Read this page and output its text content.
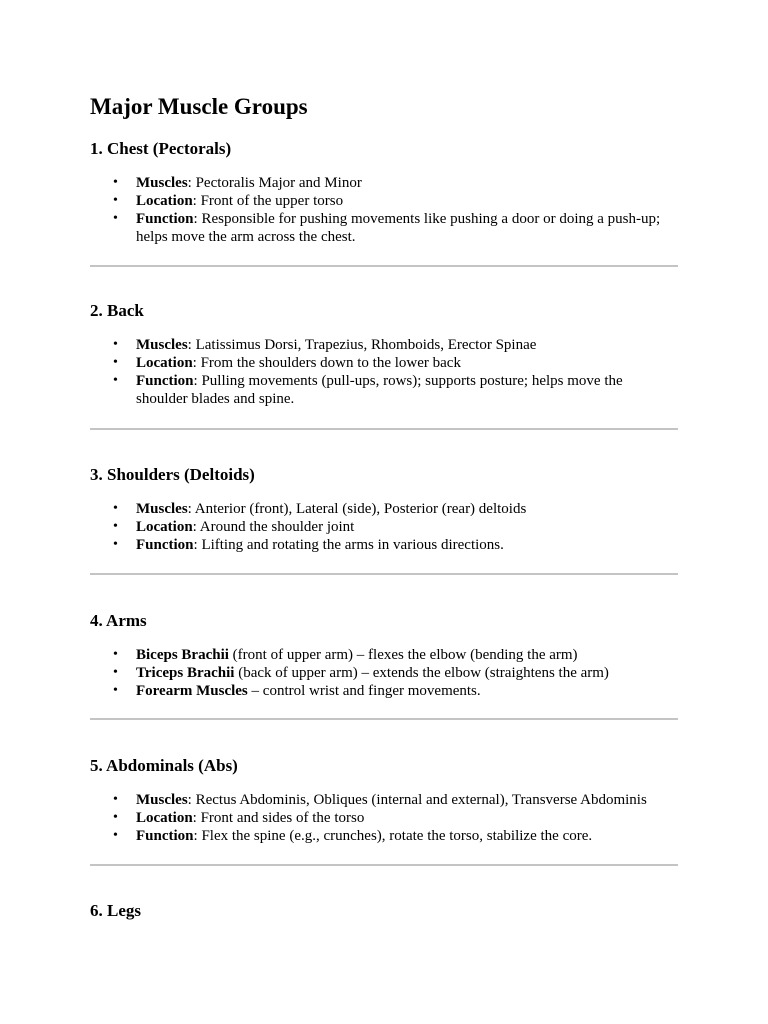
Major Muscle Groups
1. Chest (Pectorals)
• Muscles: Pectoralis Major and Minor
• Location: Front of the upper torso
• Function: Responsible for pushing movements like pushing a door or doing a push-up; helps move the arm across the chest.
2. Back
• Muscles: Latissimus Dorsi, Trapezius, Rhomboids, Erector Spinae
• Location: From the shoulders down to the lower back
• Function: Pulling movements (pull-ups, rows); supports posture; helps move the shoulder blades and spine.
3. Shoulders (Deltoids)
• Muscles: Anterior (front), Lateral (side), Posterior (rear) deltoids
• Location: Around the shoulder joint
• Function: Lifting and rotating the arms in various directions.
4. Arms
• Biceps Brachii (front of upper arm) – flexes the elbow (bending the arm)
• Triceps Brachii (back of upper arm) – extends the elbow (straightens the arm)
• Forearm Muscles – control wrist and finger movements.
5. Abdominals (Abs)
• Muscles: Rectus Abdominis, Obliques (internal and external), Transverse Abdominis
• Location: Front and sides of the torso
• Function: Flex the spine (e.g., crunches), rotate the torso, stabilize the core.
6. Legs
